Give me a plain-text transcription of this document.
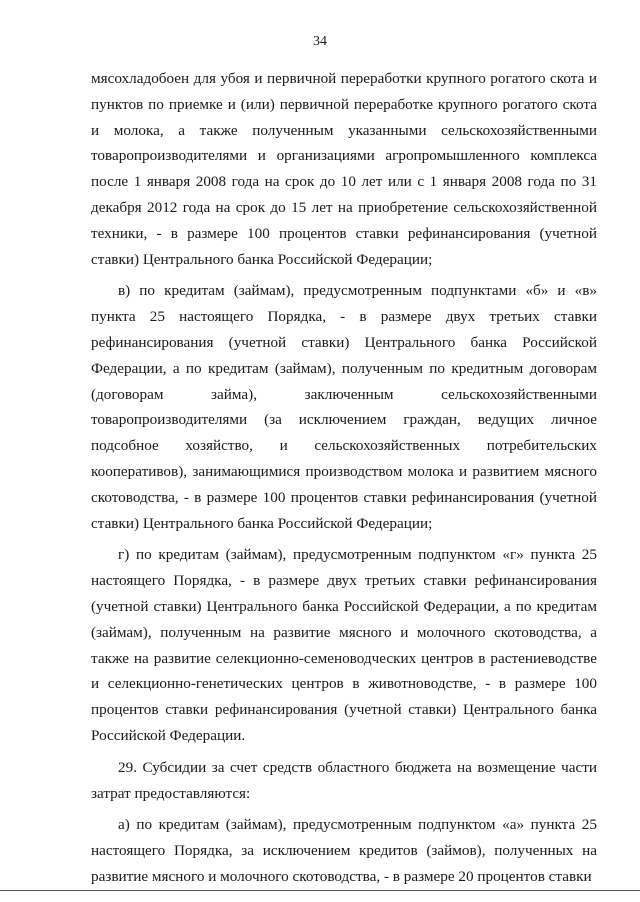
34

мясохладобоен для убоя и первичной переработки крупного рогатого скота и пунктов по приемке и (или) первичной переработке крупного рогатого скота и молока, а также полученным указанными сельскохозяйственными товаропроизводителями и организациями агропромышленного комплекса после 1 января 2008 года на срок до 10 лет или с 1 января 2008 года по 31 декабря 2012 года на срок до 15 лет на приобретение сельскохозяйственной техники, - в размере 100 процентов ставки рефинансирования (учетной ставки) Центрального банка Российской Федерации;

в) по кредитам (займам), предусмотренным подпунктами «б» и «в» пункта 25 настоящего Порядка, - в размере двух третьих ставки рефинансирования (учетной ставки) Центрального банка Российской Федерации, а по кредитам (займам), полученным по кредитным договорам (договорам займа), заключенным сельскохозяйственными товаропроизводителями (за исключением граждан, ведущих личное подсобное хозяйство, и сельскохозяйственных потребительских кооперативов), занимающимися производством молока и развитием мясного скотоводства, - в размере 100 процентов ставки рефинансирования (учетной ставки) Центрального банка Российской Федерации;

г) по кредитам (займам), предусмотренным подпунктом «г» пункта 25 настоящего Порядка, - в размере двух третьих ставки рефинансирования (учетной ставки) Центрального банка Российской Федерации, а по кредитам (займам), полученным на развитие мясного и молочного скотоводства, а также на развитие селекционно-семеноводческих центров в растениеводстве и селекционно-генетических центров в животноводстве, - в размере 100 процентов ставки рефинансирования (учетной ставки) Центрального банка Российской Федерации.

29. Субсидии за счет средств областного бюджета на возмещение части затрат предоставляются:

а) по кредитам (займам), предусмотренным подпунктом «а» пункта 25 настоящего Порядка, за исключением кредитов (займов), полученных на развитие мясного и молочного скотоводства, - в размере 20 процентов ставки
